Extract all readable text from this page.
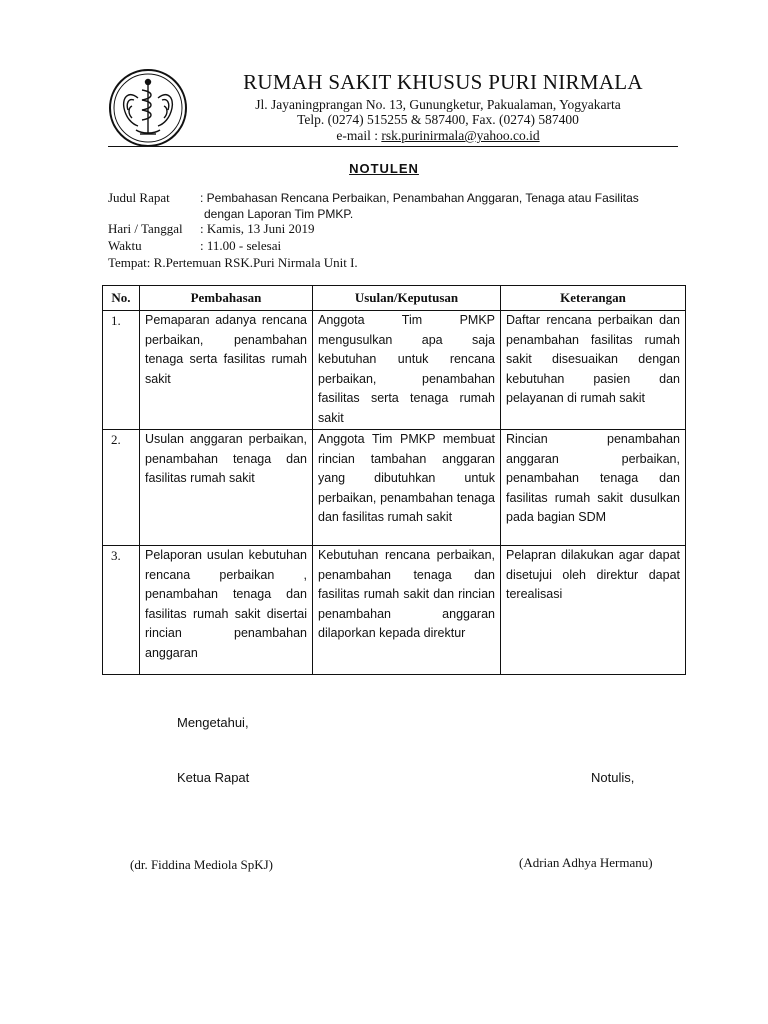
RUMAH SAKIT KHUSUS PURI NIRMALA
Jl. Jayaningprangan No. 13, Gunungketur, Pakualaman, Yogyakarta
Telp. (0274) 515255 & 587400, Fax. (0274) 587400
e-mail : rsk.purinirmala@yahoo.co.id
NOTULEN
Judul Rapat	: Pembahasan Rencana Perbaikan, Penambahan Anggaran, Tenaga atau Fasilitas
dengan Laporan Tim PMKP.
Hari / Tanggal : Kamis, 13 Juni 2019
Waktu	: 11.00 - selesai
Tempat: R.Pertemuan RSK.Puri Nirmala Unit I.
No.	Pembahasan	Usulan/Keputusan	Keterangan
1.	Pemaparan adanya rencana perbaikan, penambahan tenaga serta fasilitas rumah sakit	Anggota Tim PMKP mengusulkan apa saja kebutuhan untuk rencana perbaikan, penambahan fasilitas serta tenaga rumah sakit	Daftar rencana perbaikan dan penambahan fasilitas rumah sakit disesuaikan dengan kebutuhan pasien dan pelayanan di rumah sakit
2.	Usulan anggaran perbaikan, penambahan tenaga dan fasilitas rumah sakit	Anggota Tim PMKP membuat rincian tambahan anggaran yang dibutuhkan untuk perbaikan, penambahan tenaga dan fasilitas rumah sakit	Rincian penambahan anggaran perbaikan, penambahan tenaga dan fasilitas rumah sakit dusulkan pada bagian SDM
3.	Pelaporan usulan kebutuhan rencana perbaikan , penambahan tenaga dan fasilitas rumah sakit disertai rincian penambahan anggaran	Kebutuhan rencana perbaikan, penambahan tenaga dan fasilitas rumah sakit dan rincian penambahan anggaran dilaporkan kepada direktur	Pelapran dilakukan agar dapat disetujui oleh direktur dapat terealisasi
Mengetahui,
Ketua Rapat	Notulis,
(dr. Fiddina Mediola SpKJ)	(Adrian Adhya Hermanu)
